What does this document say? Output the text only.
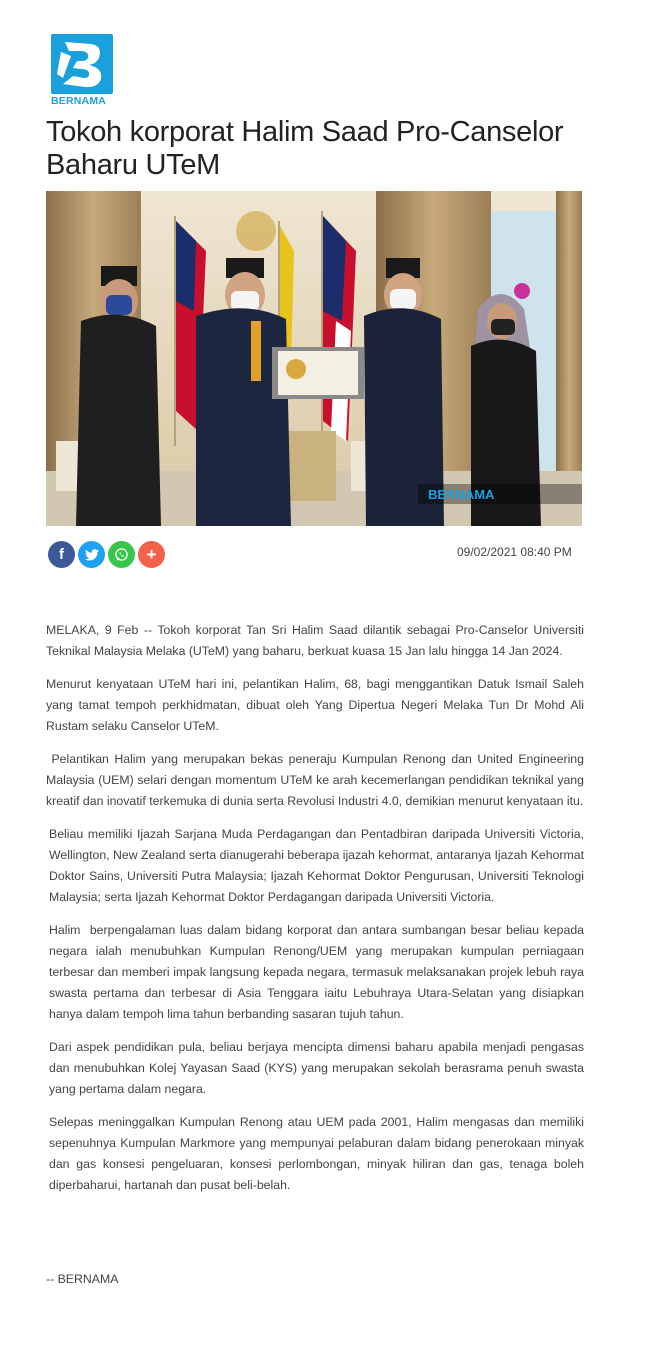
BERNAMA
Tokoh korporat Halim Saad Pro-Canselor Baharu UTeM
BERNAMA
f	+	09/02/2021 08:40 PM

MELAKA, 9 Feb -- Tokoh korporat Tan Sri Halim Saad dilantik sebagai Pro-Canselor Universiti Teknikal Malaysia Melaka (UTeM) yang baharu, berkuat kuasa 15 Jan lalu hingga 14 Jan 2024.

Menurut kenyataan UTeM hari ini, pelantikan Halim, 68, bagi menggantikan Datuk Ismail Saleh yang tamat tempoh perkhidmatan, dibuat oleh Yang Dipertua Negeri Melaka Tun Dr Mohd Ali Rustam selaku Canselor UTeM.

Pelantikan Halim yang merupakan bekas peneraju Kumpulan Renong dan United Engineering Malaysia (UEM) selari dengan momentum UTeM ke arah kecemerlangan pendidikan teknikal yang kreatif dan inovatif terkemuka di dunia serta Revolusi Industri 4.0, demikian menurut kenyataan itu.

Beliau memiliki Ijazah Sarjana Muda Perdagangan dan Pentadbiran daripada Universiti Victoria, Wellington, New Zealand serta dianugerahi beberapa ijazah kehormat, antaranya Ijazah Kehormat Doktor Sains, Universiti Putra Malaysia; Ijazah Kehormat Doktor Pengurusan, Universiti Teknologi Malaysia; serta Ijazah Kehormat Doktor Perdagangan daripada Universiti Victoria.

Halim  berpengalaman luas dalam bidang korporat dan antara sumbangan besar beliau kepada negara ialah menubuhkan Kumpulan Renong/UEM yang merupakan kumpulan perniagaan terbesar dan memberi impak langsung kepada negara, termasuk melaksanakan projek lebuh raya swasta pertama dan terbesar di Asia Tenggara iaitu Lebuhraya Utara-Selatan yang disiapkan hanya dalam tempoh lima tahun berbanding sasaran tujuh tahun.

Dari aspek pendidikan pula, beliau berjaya mencipta dimensi baharu apabila menjadi pengasas dan menubuhkan Kolej Yayasan Saad (KYS) yang merupakan sekolah berasrama penuh swasta yang pertama dalam negara.

Selepas meninggalkan Kumpulan Renong atau UEM pada 2001, Halim mengasas dan memiliki sepenuhnya Kumpulan Markmore yang mempunyai pelaburan dalam bidang penerokaan minyak dan gas konsesi pengeluaran, konsesi perlombongan, minyak hiliran dan gas, tenaga boleh diperbaharui, hartanah dan pusat beli-belah.

-- BERNAMA
